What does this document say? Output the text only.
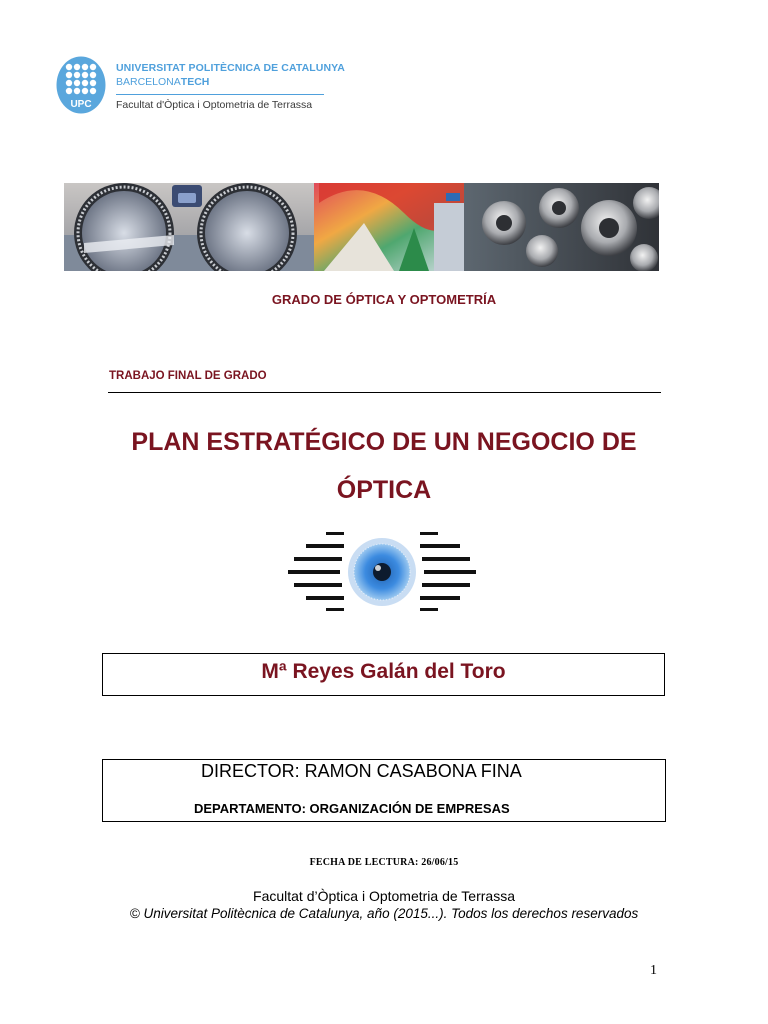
UPC
UNIVERSITAT POLITÈCNICA DE CATALUNYA
BARCELONATECH
Facultat d'Òptica i Optometria de Terrassa
GRADO DE ÓPTICA Y OPTOMETRÍA
TRABAJO FINAL DE GRADO
PLAN ESTRATÉGICO DE UN NEGOCIO DE
ÓPTICA
Mª Reyes Galán del Toro
DIRECTOR: RAMON CASABONA FINA
DEPARTAMENTO: ORGANIZACIÓN DE EMPRESAS
FECHA DE LECTURA: 26/06/15
Facultat d’Òptica i Optometria de Terrassa
© Universitat Politècnica de Catalunya, año (2015...). Todos los derechos reservados
1
